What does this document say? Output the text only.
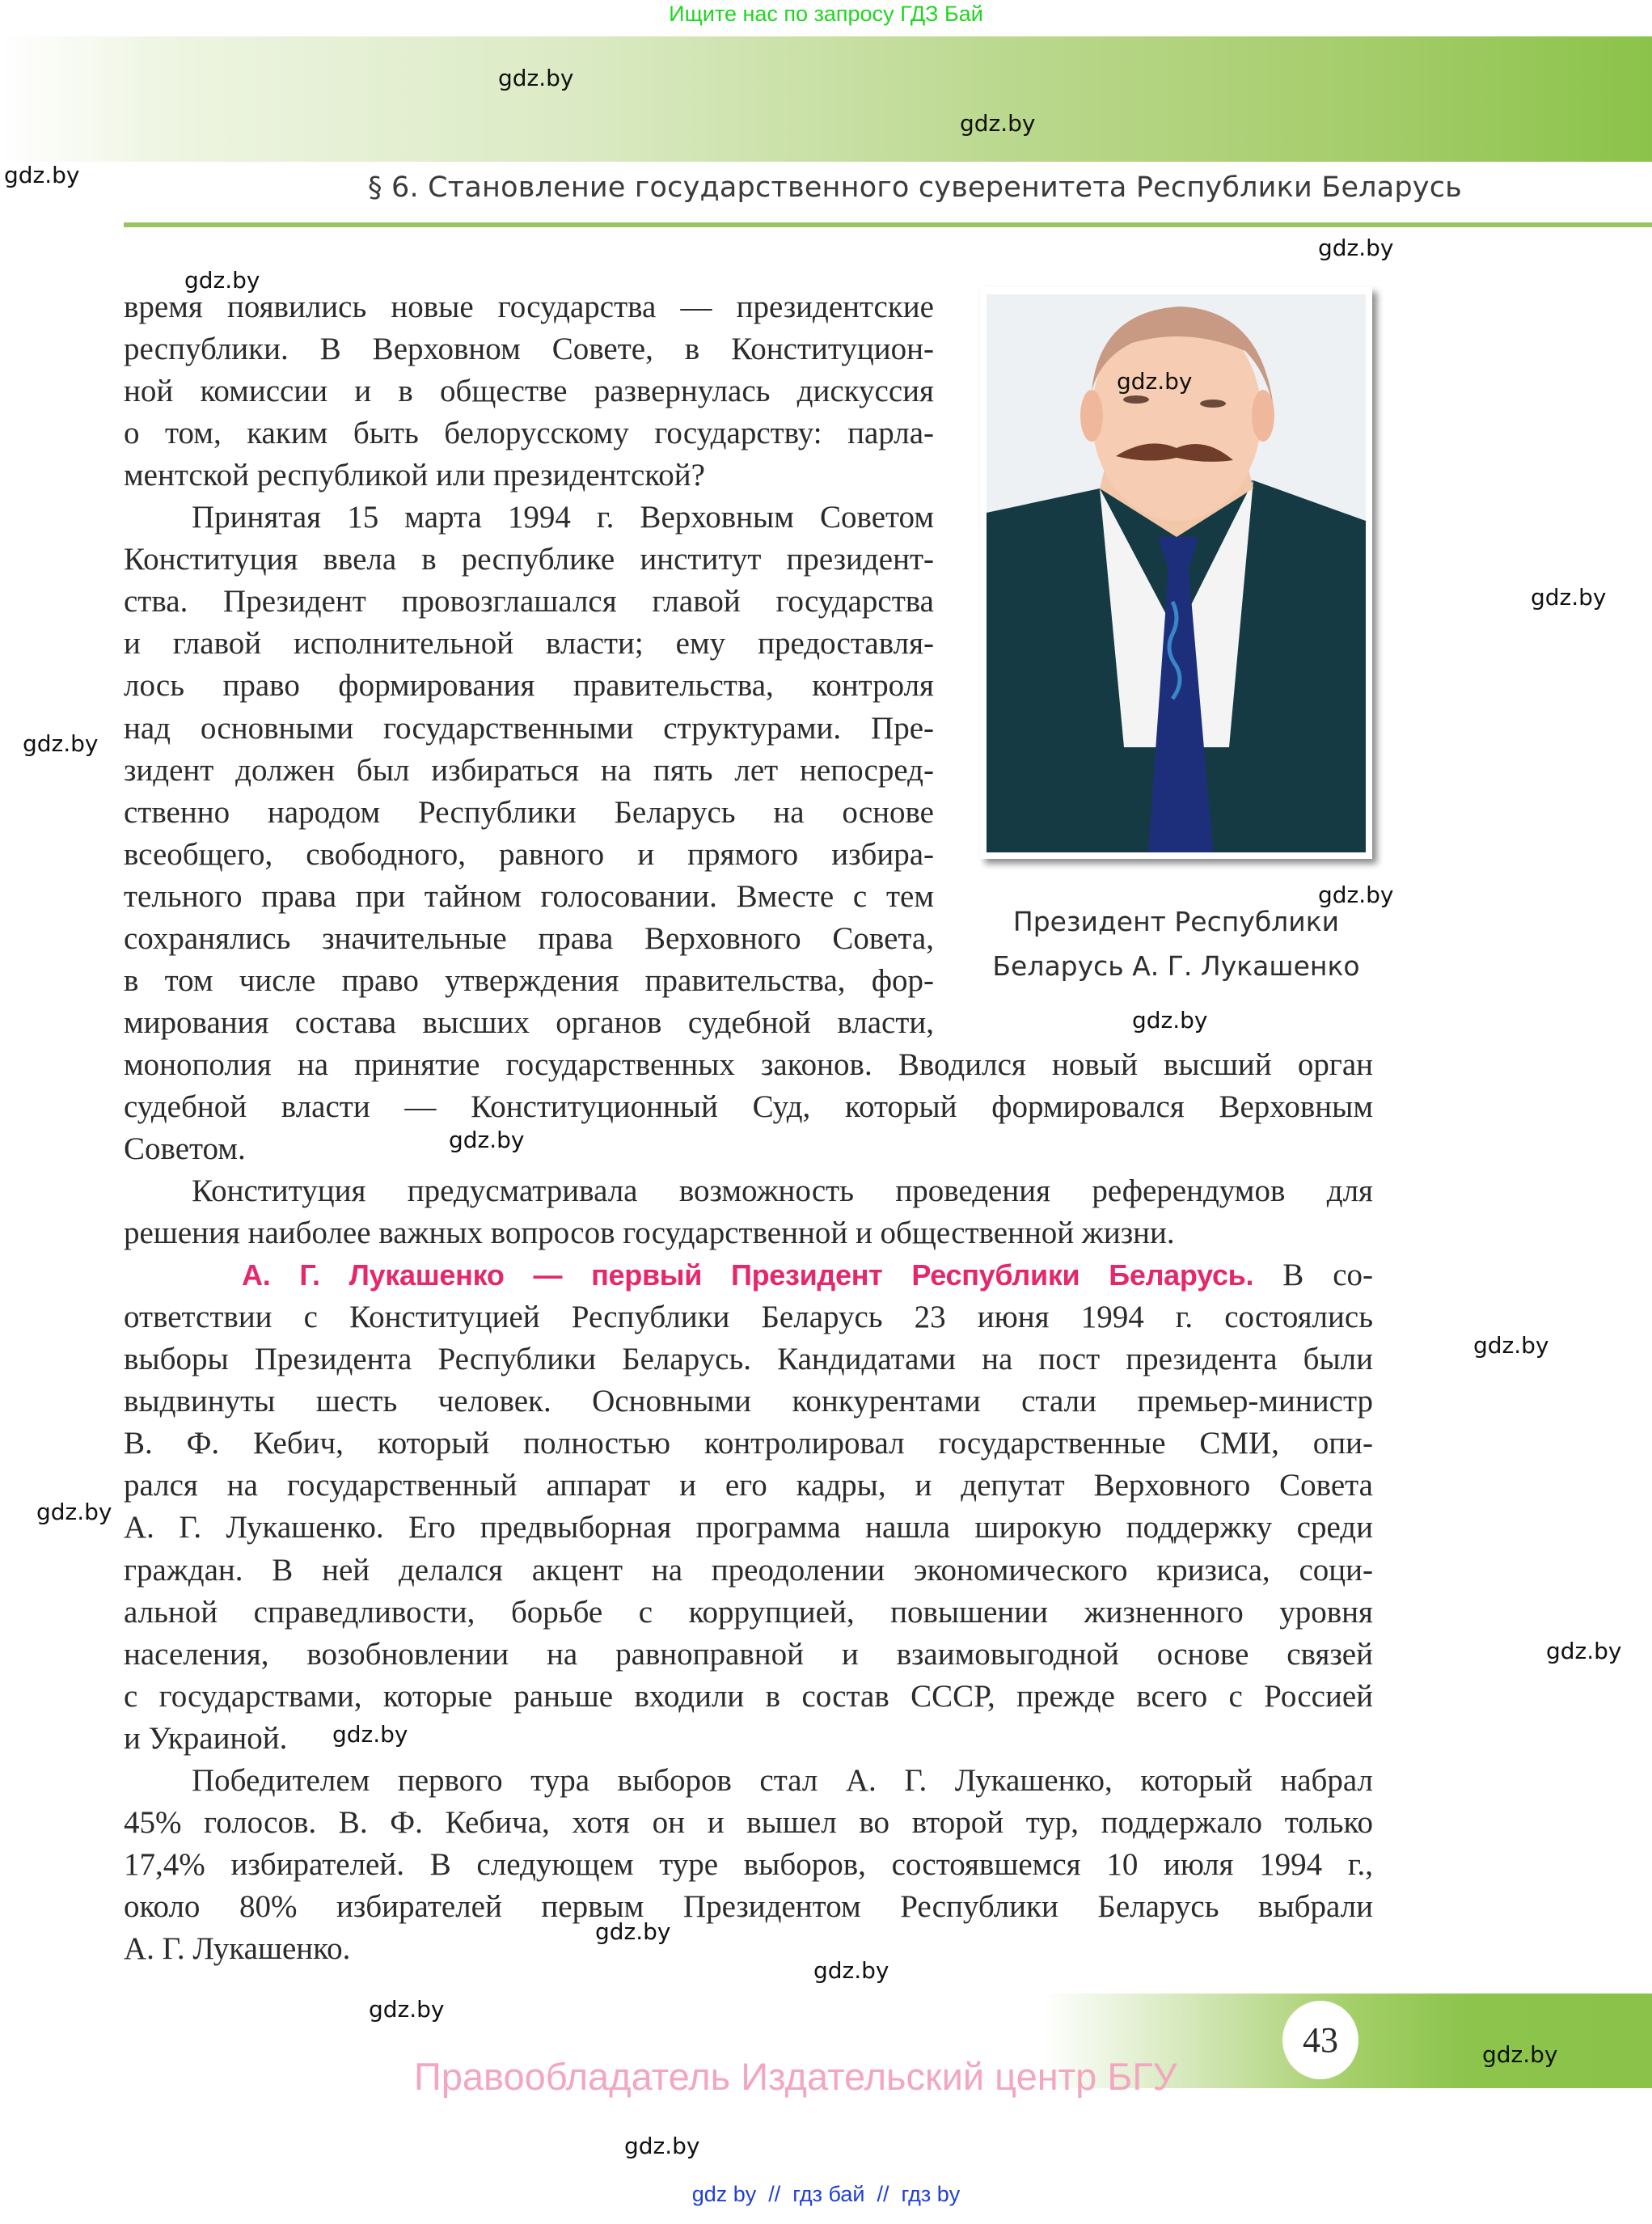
Ищите нас по запросу ГДЗ Бай
§ 6. Становление государственного суверенитета Республики Беларусь
время появились новые государства — президентские
республики. В Верховном Совете, в Конституцион-
ной комиссии и в обществе развернулась дискуссия
о том, каким быть белорусскому государству: парла-
ментской республикой или президентской?
Принятая 15 марта 1994 г. Верховным Советом
Конституция ввела в республике институт президент-
ства. Президент провозглашался главой государства
и главой исполнительной власти; ему предоставля-
лось право формирования правительства, контроля
над основными государственными структурами. Пре-
зидент должен был избираться на пять лет непосред-
ственно народом Республики Беларусь на основе
всеобщего, свободного, равного и прямого избира-
тельного права при тайном голосовании. Вместе с тем
сохранялись значительные права Верховного Совета,
в том числе право утверждения правительства, фор-
мирования состава высших органов судебной власти,
монополия на принятие государственных законов. Вводился новый высший орган
судебной власти — Конституционный Суд, который формировался Верховным
Советом.
Конституция предусматривала возможность проведения референдумов для
решения наиболее важных вопросов государственной и общественной жизни.
А. Г. Лукашенко — первый Президент Республики Беларусь. В со-
ответствии с Конституцией Республики Беларусь 23 июня 1994 г. состоялись
выборы Президента Республики Беларусь. Кандидатами на пост президента были
выдвинуты шесть человек. Основными конкурентами стали премьер-министр
В. Ф. Кебич, который полностью контролировал государственные СМИ, опи-
рался на государственный аппарат и его кадры, и депутат Верховного Совета
А. Г. Лукашенко. Его предвыборная программа нашла широкую поддержку среди
граждан. В ней делался акцент на преодолении экономического кризиса, соци-
альной справедливости, борьбе с коррупцией, повышении жизненного уровня
населения, возобновлении на равноправной и взаимовыгодной основе связей
с государствами, которые раньше входили в состав СССР, прежде всего с Россией
и Украиной.
Победителем первого тура выборов стал А. Г. Лукашенко, который набрал
45% голосов. В. Ф. Кебича, хотя он и вышел во второй тур, поддержало только
17,4% избирателей. В следующем туре выборов, состоявшемся 10 июля 1994 г.,
около 80% избирателей первым Президентом Республики Беларусь выбрали
А. Г. Лукашенко.
Президент Республики
Беларусь А. Г. Лукашенко
43
Правообладатель Издательский центр БГУ
gdz by  //  гдз бай  //  гдз by
gdz.by
gdz.by
gdz.by
gdz.by
gdz.by
gdz.by
gdz.by
gdz.by
gdz.by
gdz.by
gdz.by
gdz.by
gdz.by
gdz.by
gdz.by
gdz.by
gdz.by
gdz.by
gdz.by
gdz.by
